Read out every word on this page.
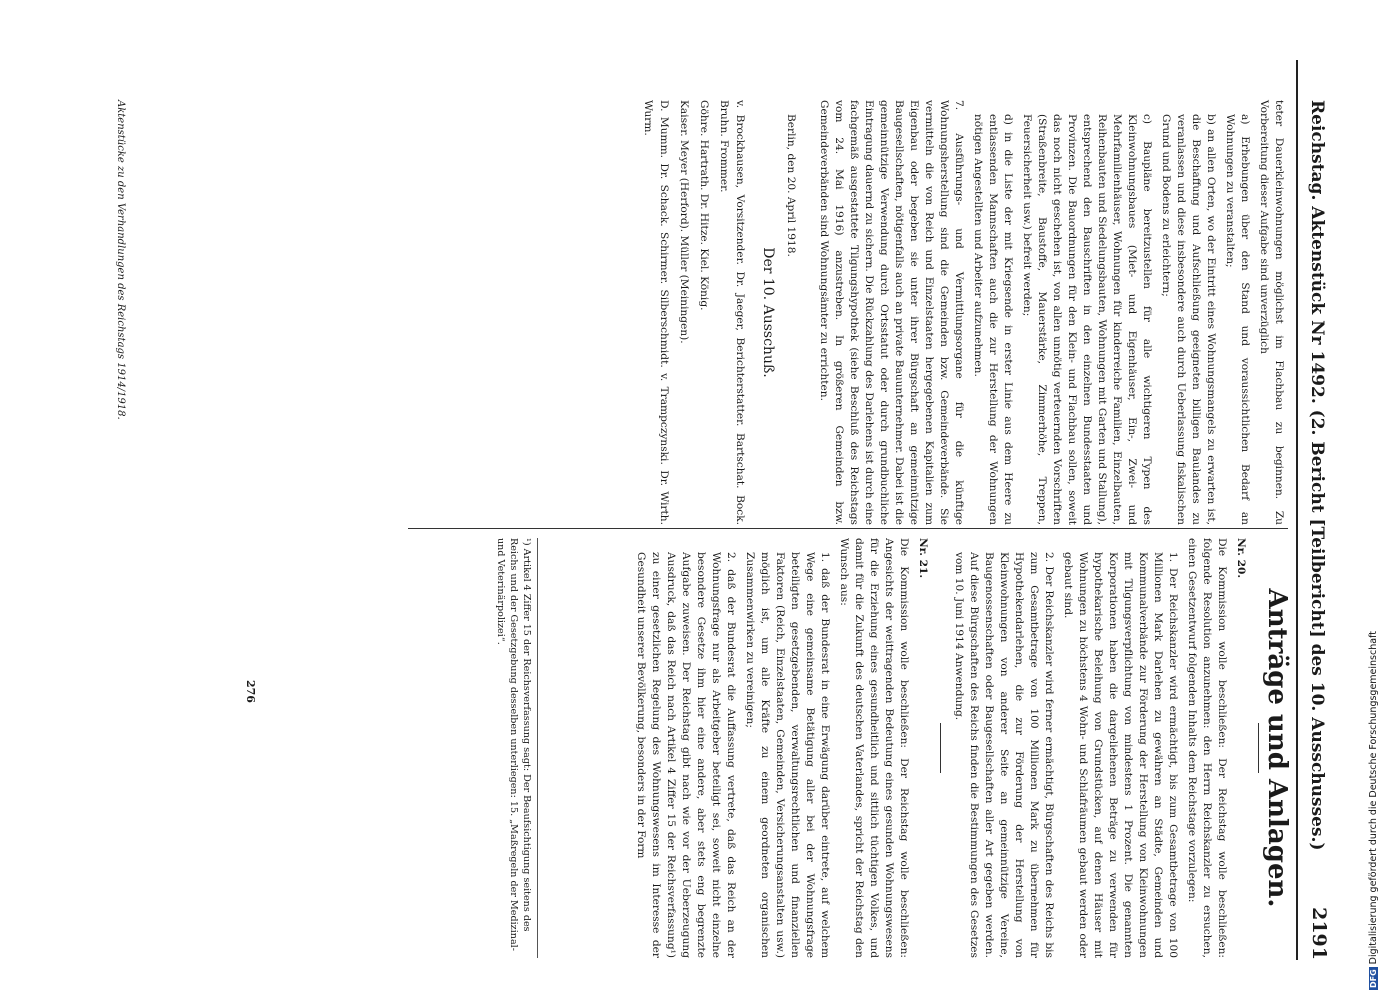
Reichstag. Aktenstück Nr 1492. (2. Bericht [Teilbericht] des 10. Ausschusses.)
2191

teter Dauerkleinwohnungen möglichst im Flachbau zu beginnen. Zu Vorbereitung dieser Aufgabe sind unverzüglich

a) Erhebungen über den Stand und voraussichtlichen Bedarf an Wohnungen zu veranstalten;

b) an allen Orten, wo der Eintritt eines Wohnungsmangels zu erwarten ist, die Beschaffung und Aufschließung geeigneten billigen Baulandes zu veranlassen und diese insbesondere auch durch Ueberlassung fiskalischen Grund und Bodens zu erleichtern;

c) Baupläne bereitzustellen für alle wichtigeren Typen des Kleinwohnungsbaues (Miet- und Eigenhäuser, Ein-, Zwei- und Mehrfamilienhäuser, Wohnungen für kinderreiche Familien, Einzelbauten, Reihenbauten und Siedelungsbauten, Wohnungen mit Garten und Stallung), entsprechend den Bauschriften in den einzelnen Bundesstaaten und Provinzen. Die Bauordnungen für den Klein- und Flachbau sollen, soweit das noch nicht geschehen ist, von allen unnötig verteuernden Vorschriften (Straßenbreite, Baustoffe, Mauerstärke, Zimmerhöhe, Treppen, Feuersicherheit usw.) befreit werden;

d) in die Liste der mit Kriegsende in erster Linie aus dem Heere zu entlassenden Mannschaften auch die zur Herstellung der Wohnungen nötigen Angestellten und Arbeiter aufzunehmen.

7. Ausführungs- und Vermittlungsorgane für die künftige Wohnungsherstellung sind die Gemeinden bzw. Gemeindeverbände. Sie vermitteln die von Reich und Einzelstaaten hergegebenen Kapitalien zum Eigenbau oder begeben sie unter ihrer Bürgschaft an gemeinnützige Baugesellschaften, nötigenfalls auch an private Bauunternehmer. Dabei ist die gemeinnützige Verwendung durch Ortsstatut oder durch grundbuchliche Eintragung dauernd zu sichern. Die Rückzahlung des Darlehens ist durch eine fachgemäß ausgestattete Tilgungshypothek (siehe Beschluß des Reichstags vom 24. Mai 1916) anzustreben. In größeren Gemeinden bzw. Gemeindeverbänden sind Wohnungsämter zu errichten.

Berlin, den 20. April 1918.

Der 10. Ausschuß.

v. Brockhausen, Vorsitzender. Dr. Jaeger, Berichterstatter. Bartschat. Bock. Bruhn. Frommer.

Göhre. Hartrath. Dr. Hitze. Kiel. König.

Kaiser. Meyer (Herford). Müller (Meiningen).

D. Mumm. Dr. Schack. Schirmer. Silberschmidt. v. Trampczynski. Dr. Wirth. Wurm.

Aktenstücke zu den Verhandlungen des Reichstags 1914/1918.
Anträge und Anlagen.

Nr. 20.

Die Kommission wolle beschließen: Der Reichstag wolle beschließen: folgende Resolution anzunehmen: den Herrn Reichskanzler zu ersuchen, einen Gesetzentwurf folgenden Inhalts dem Reichstage vorzulegen:

1. Der Reichskanzler wird ermächtigt, bis zum Gesamtbetrage von 100 Millionen Mark Darlehen zu gewähren an Städte, Gemeinden und Kommunalverbände zur Förderung der Herstellung von Kleinwohnungen mit Tilgungsverpflichtung von mindestens 1 Prozent. Die genannten Korporationen haben die dargeliehenen Beträge zu verwenden für hypothekarische Beleihung von Grundstücken, auf denen Häuser mit Wohnungen zu höchstens 4 Wohn- und Schlafräumen gebaut werden oder gebaut sind.

2. Der Reichskanzler wird ferner ermächtigt, Bürgschaften des Reichs bis zum Gesamtbetrage von 100 Millionen Mark zu übernehmen für Hypothekendarlehen, die zur Förderung der Herstellung von Kleinwohnungen von anderer Seite an gemeinnützige Vereine, Baugenossenschaften oder Baugesellschaften aller Art gegeben werden. Auf diese Bürgschaften des Reichs finden die Bestimmungen des Gesetzes vom 10. Juni 1914 Anwendung.

Nr. 21.

Die Kommission wolle beschließen: Der Reichstag wolle beschließen: Angesichts der weittragenden Bedeutung eines gesunden Wohnungswesens für die Erziehung eines gesundheitlich und sittlich tüchtigen Volkes, und damit für die Zukunft des deutschen Vaterlandes, spricht der Reichstag den Wunsch aus:

1. daß der Bundesrat in eine Erwägung darüber eintrete, auf welchem Wege eine gemeinsame Betätigung aller bei der Wohnungsfrage beteiligten gesetzgebenden, verwaltungsrechtlichen und finanziellen Faktoren (Reich, Einzelstaaten, Gemeinden, Versicherungsanstalten usw.) möglich ist, um alle Kräfte zu einem geordneten organischen Zusammenwirken zu vereinigen;

2. daß der Bundesrat die Auffassung vertrete, daß das Reich an der Wohnungsfrage nur als Arbeitgeber beteiligt sei, soweit nicht einzelne besondere Gesetze ihm hier eine andere, aber stets eng begrenzte Aufgabe zuweisen. Der Reichstag gibt nach wie vor der Ueberzeugung Ausdruck, daß das Reich nach Artikel 4 Ziffer 15 der Reichsverfassung¹) zu einer gesetzlichen Regelung des Wohnungswesens im Interesse der Gesundheit unserer Bevölkerung, besonders in der Form

¹) Artikel 4 Ziffer 15 der Reichsverfassung sagt: Der Beaufsichtigung seitens des Reichs und der Gesetzgebung desselben unterliegen: 15. „Maßregeln der Medizinal- und Veterinärpolizei“.
276
DFGDigitalisierung gefördert durch die Deutsche Forschungsgemeinschaft
